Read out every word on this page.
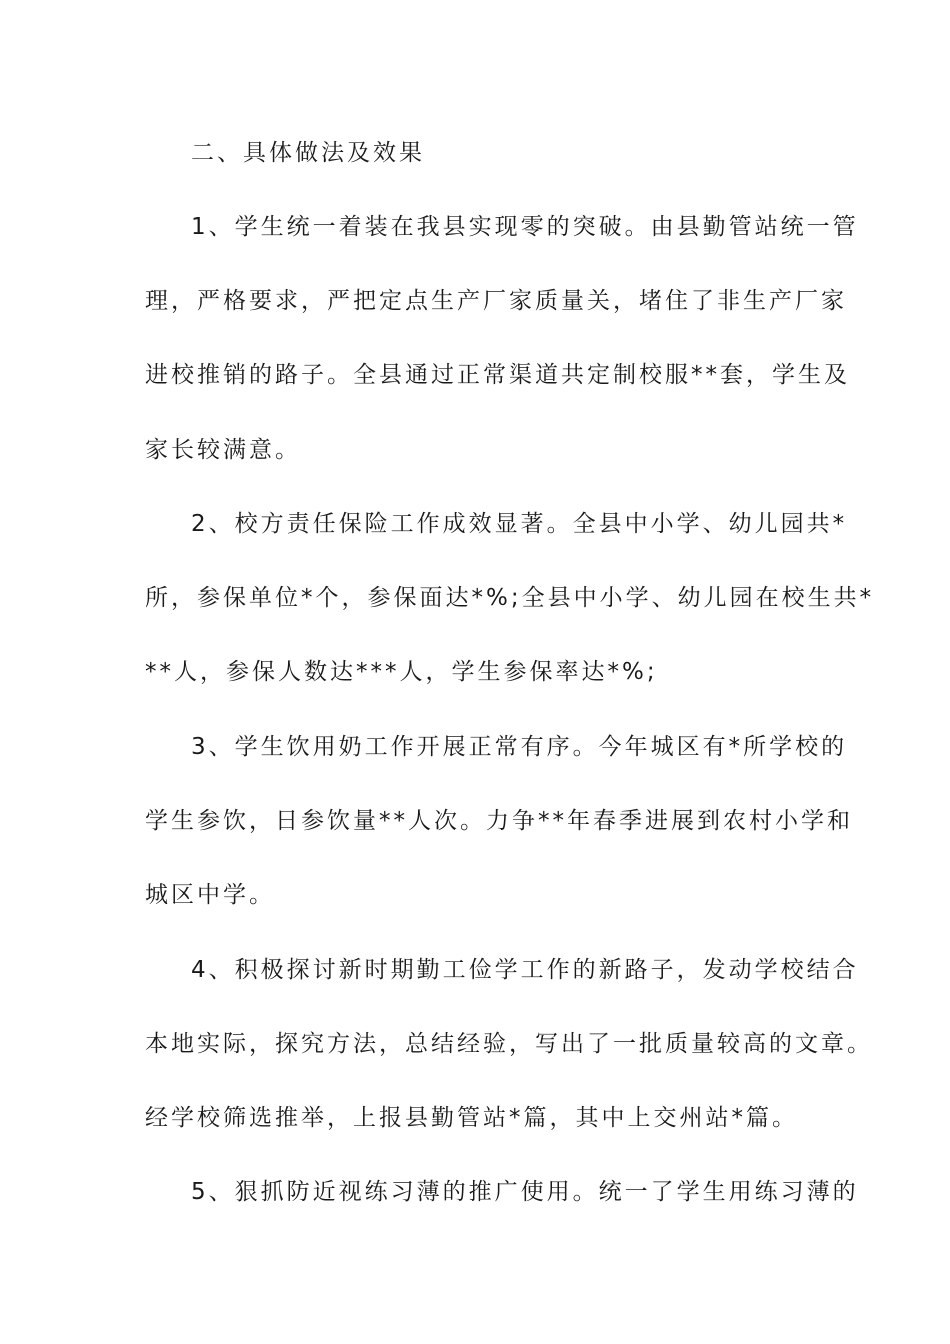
二、具体做法及效果
1、学生统一着装在我县实现零的突破。由县勤管站统一管
理，严格要求，严把定点生产厂家质量关，堵住了非生产厂家
进校推销的路子。全县通过正常渠道共定制校服**套，学生及
家长较满意。
2、校方责任保险工作成效显著。全县中小学、幼儿园共*
所，参保单位*个，参保面达*%;全县中小学、幼儿园在校生共*
**人，参保人数达***人，学生参保率达*%;
3、学生饮用奶工作开展正常有序。今年城区有*所学校的
学生参饮，日参饮量**人次。力争**年春季进展到农村小学和
城区中学。
4、积极探讨新时期勤工俭学工作的新路子，发动学校结合
本地实际，探究方法，总结经验，写出了一批质量较高的文章。
经学校筛选推举，上报县勤管站*篇，其中上交州站*篇。
5、狠抓防近视练习薄的推广使用。统一了学生用练习薄的
